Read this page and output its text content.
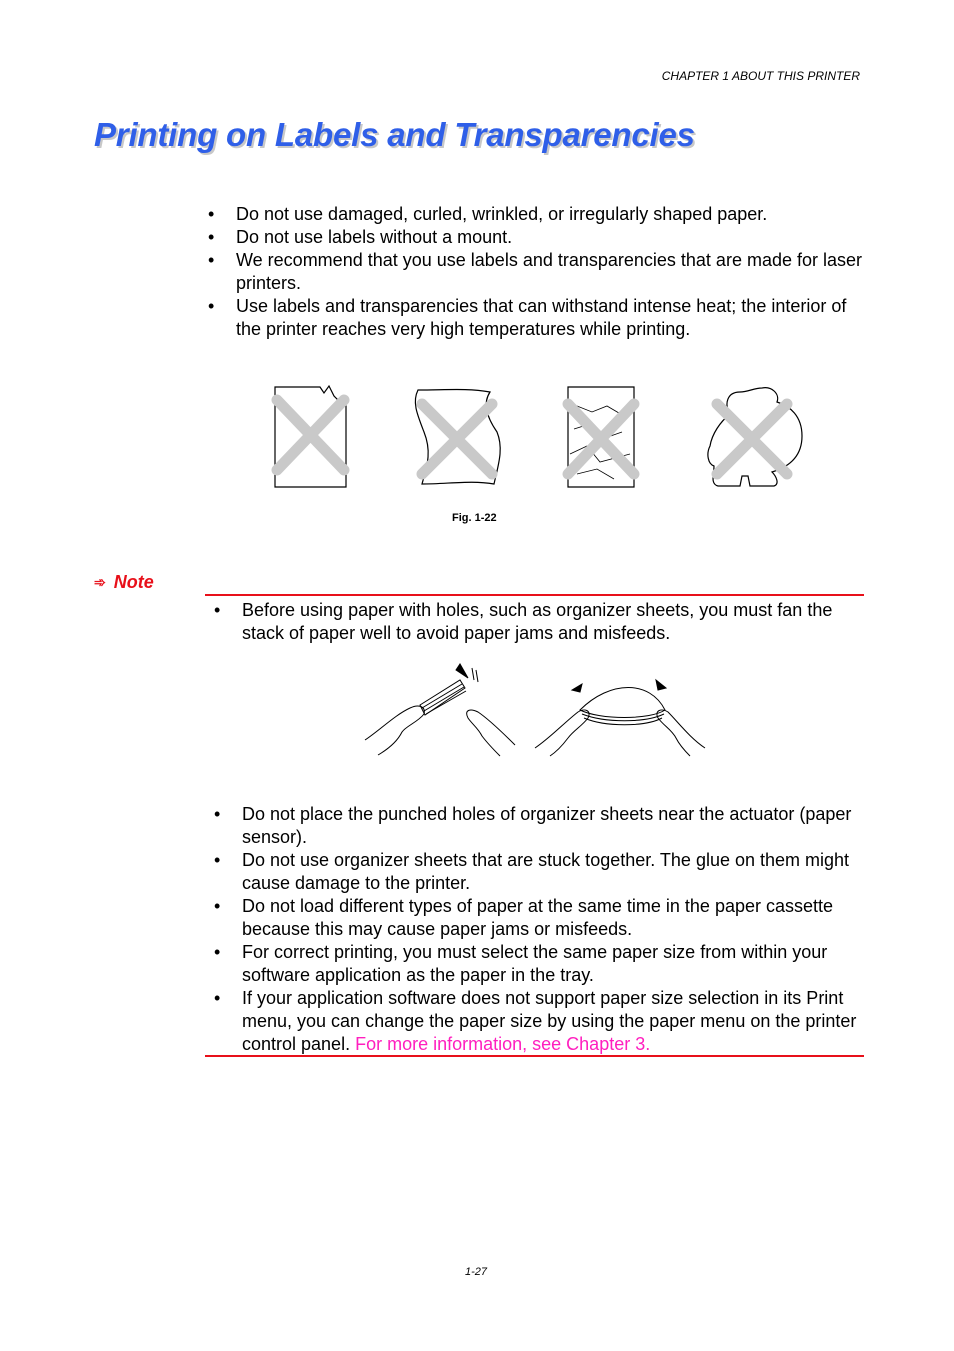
CHAPTER 1 ABOUT THIS PRINTER
Printing on Labels and Transparencies
• Do not use damaged, curled, wrinkled, or irregularly shaped paper.
• Do not use labels without a mount.
• We recommend that you use labels and transparencies that are made for laser printers.
• Use labels and transparencies that can withstand intense heat; the interior of the printer reaches very high temperatures while printing.
Fig. 1-22
➾ Note
• Before using paper with holes, such as organizer sheets, you must fan the stack of paper well to avoid paper jams and misfeeds.
• Do not place the punched holes of organizer sheets near the actuator (paper sensor).
• Do not use organizer sheets that are stuck together. The glue on them might cause damage to the printer.
• Do not load different types of paper at the same time in the paper cassette because this may cause paper jams or misfeeds.
• For correct printing, you must select the same paper size from within your software application as the paper in the tray.
• If your application software does not support paper size selection in its Print menu, you can change the paper size by using the paper menu on the printer control panel. For more information, see Chapter 3.
1-27
